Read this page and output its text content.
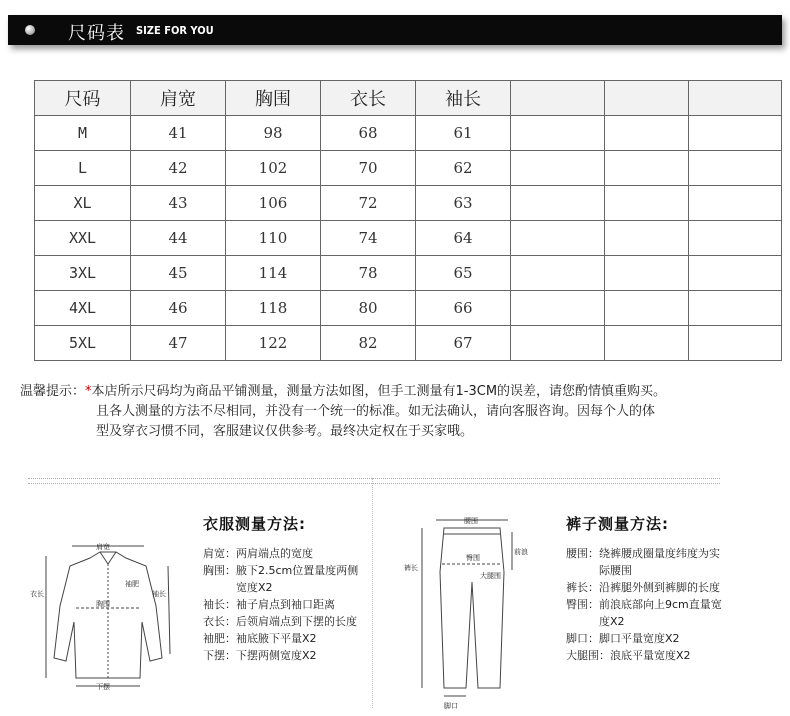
尺码表 SIZE FOR YOU
尺码	肩宽	胸围	衣长	袖长			
M	41	98	68	61			
L	42	102	70	62			
XL	43	106	72	63			
XXL	44	110	74	64			
3XL	45	114	78	65			
4XL	46	118	80	66			
5XL	47	122	82	67			
温馨提示：*本店所示尺码均为商品平铺测量，测量方法如图，但手工测量有1-3CM的误差，请您酌情慎重购买。
且各人测量的方法不尽相同，并没有一个统一的标准。如无法确认，请向客服咨询。因每个人的体
型及穿衣习惯不同，客服建议仅供参考。最终决定权在于买家哦。
肩宽
胸围
衣长
袖肥
袖长
下摆
衣服测量方法:
肩宽： 两肩端点的宽度
胸围： 腋下2.5cm位置量度两侧宽度X2
袖长： 袖子肩点到袖口距离
衣长： 后领肩端点到下摆的长度
袖肥： 袖底腋下平量X2
下摆： 下摆两侧宽度X2
腰围
前浪
臀围
大腿围
裤长
脚口
裤子测量方法:
腰围： 绕裤腰成圈量度纬度为实际腰围
裤长： 沿裤腿外侧到裤脚的长度
臀围： 前浪底部向上9cm直量宽度X2
脚口： 脚口平量宽度X2
大腿围： 浪底平量宽度X2
